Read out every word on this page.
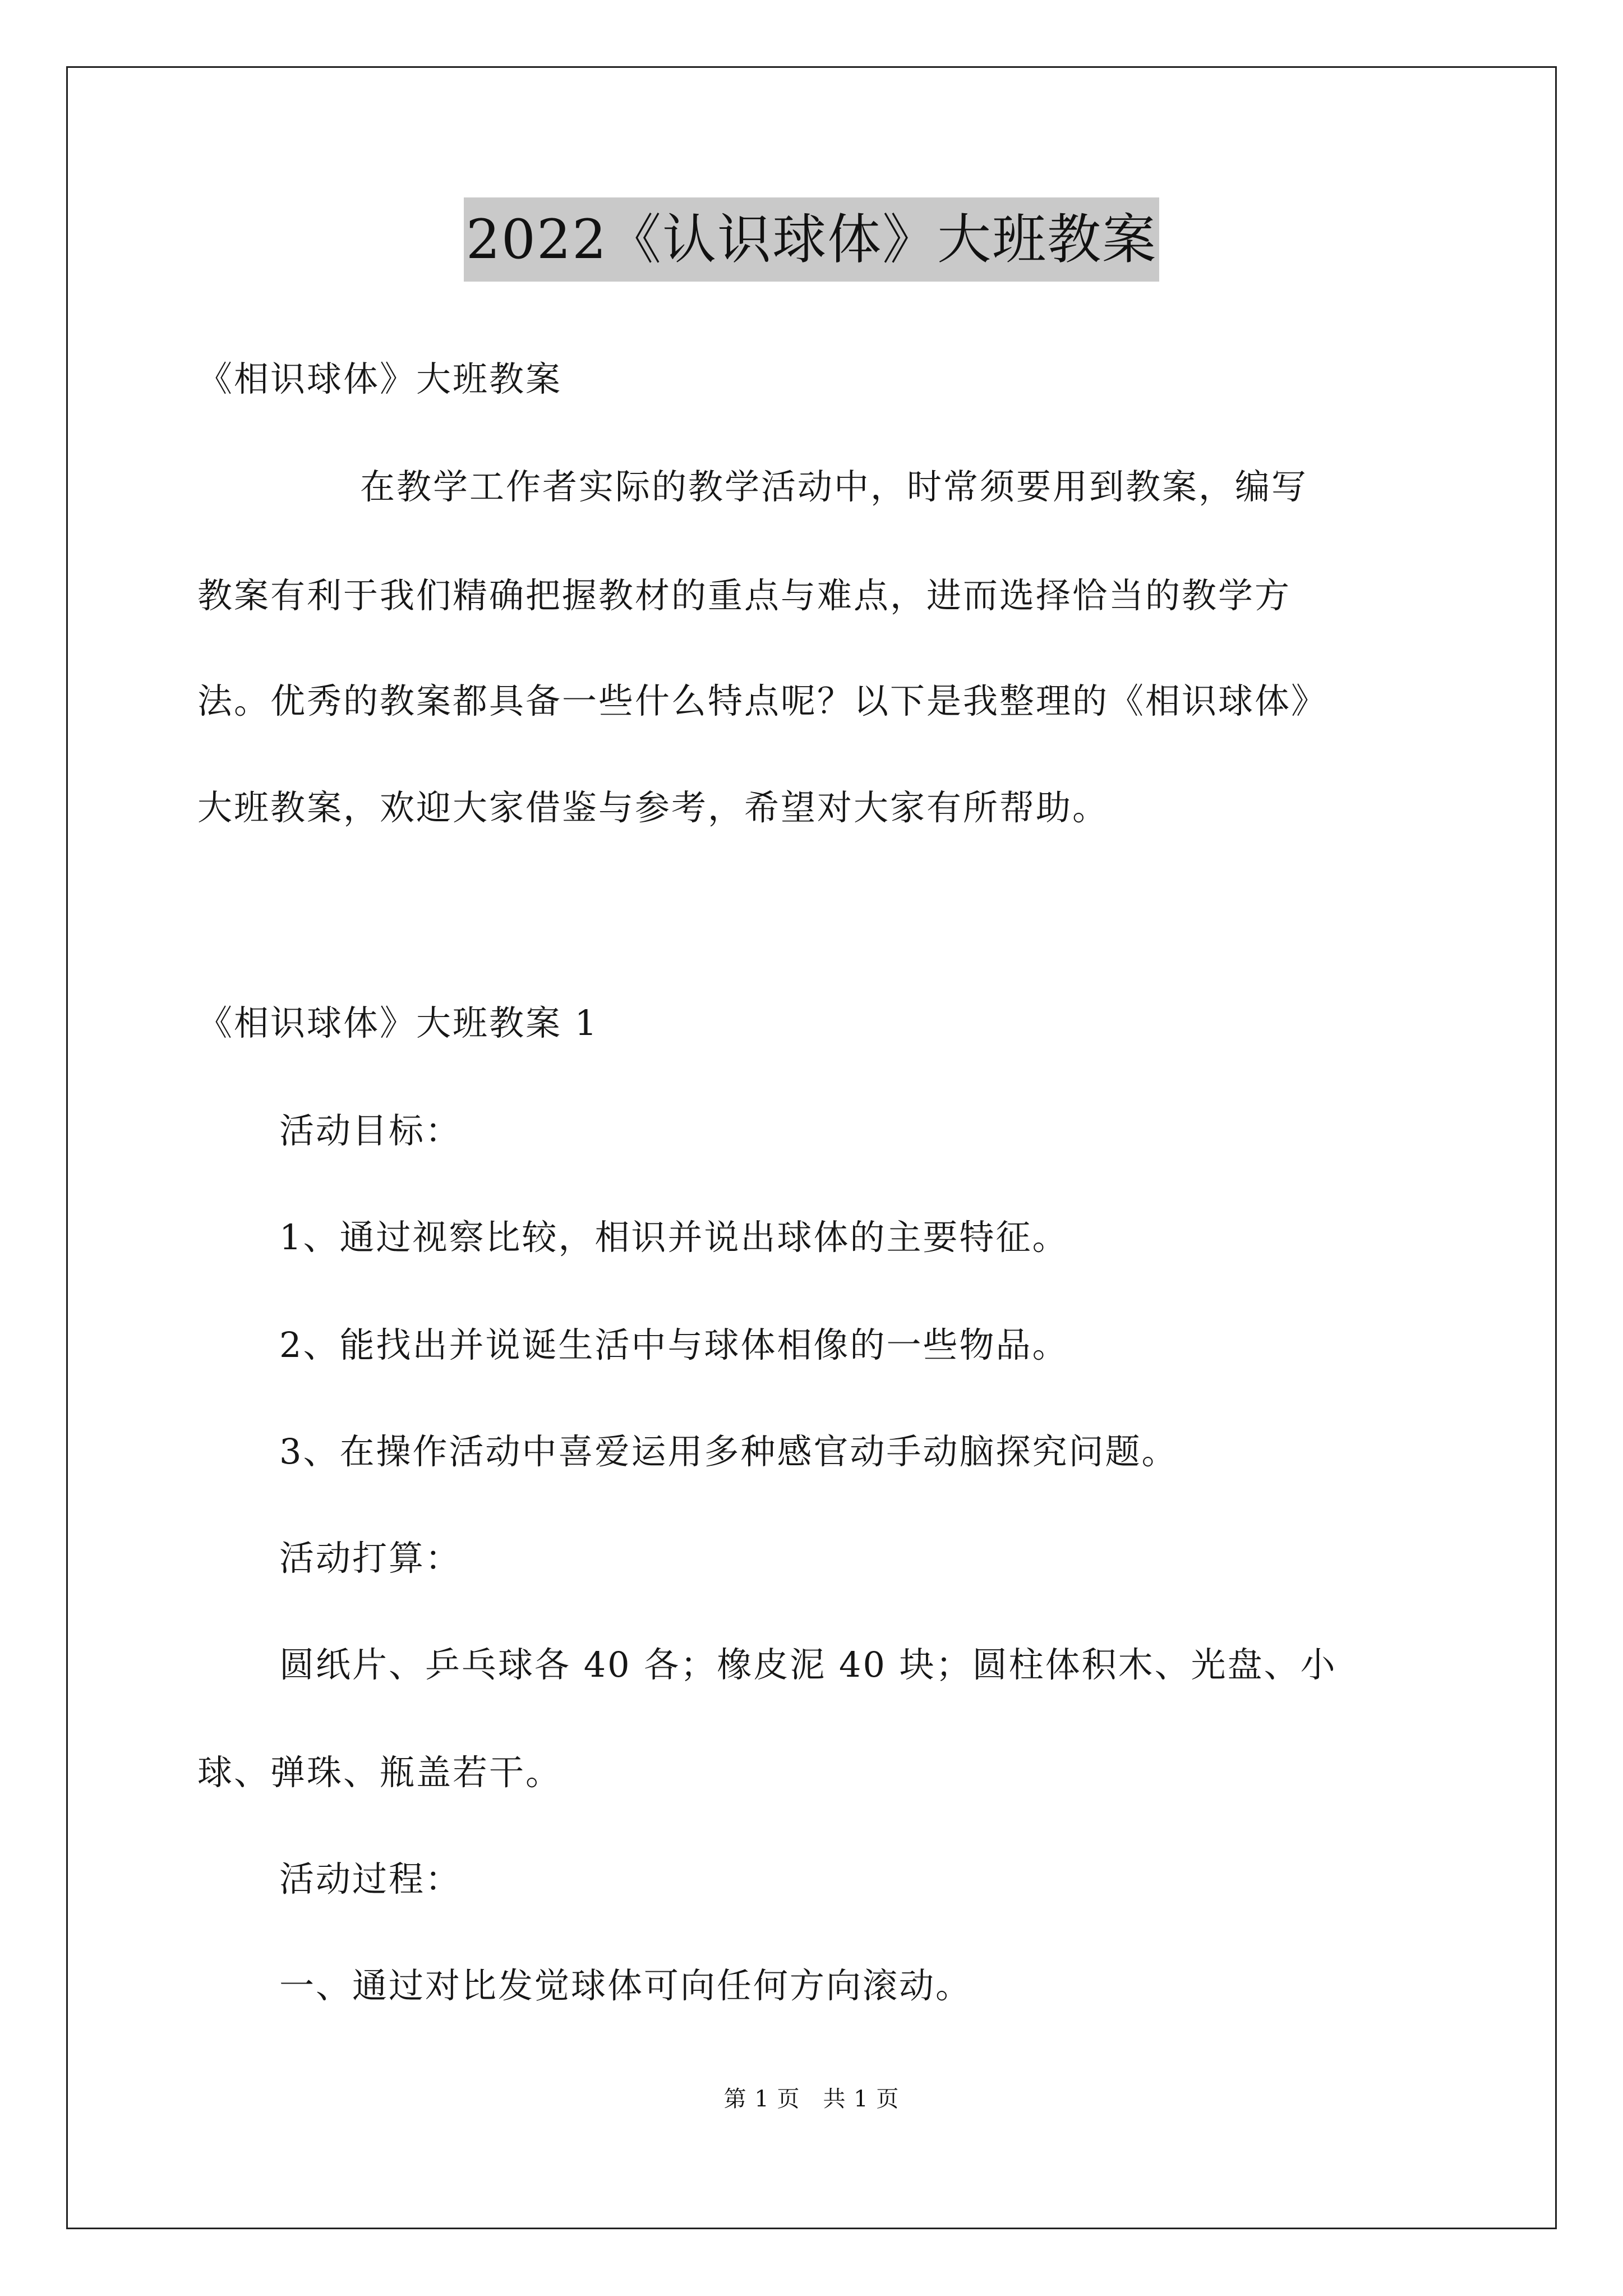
2022《认识球体》大班教案
《相识球体》大班教案
在教学工作者实际的教学活动中，时常须要用到教案，编写
教案有利于我们精确把握教材的重点与难点，进而选择恰当的教学方
法。优秀的教案都具备一些什么特点呢？以下是我整理的《相识球体》
大班教案，欢迎大家借鉴与参考，希望对大家有所帮助。
《相识球体》大班教案 1
活动目标：
1、通过视察比较，相识并说出球体的主要特征。
2、能找出并说诞生活中与球体相像的一些物品。
3、在操作活动中喜爱运用多种感官动手动脑探究问题。
活动打算：
圆纸片、乒乓球各 40 各；橡皮泥 40 块；圆柱体积木、光盘、小
球、弹珠、瓶盖若干。
活动过程：
一、通过对比发觉球体可向任何方向滚动。
第 1 页　共 1 页
